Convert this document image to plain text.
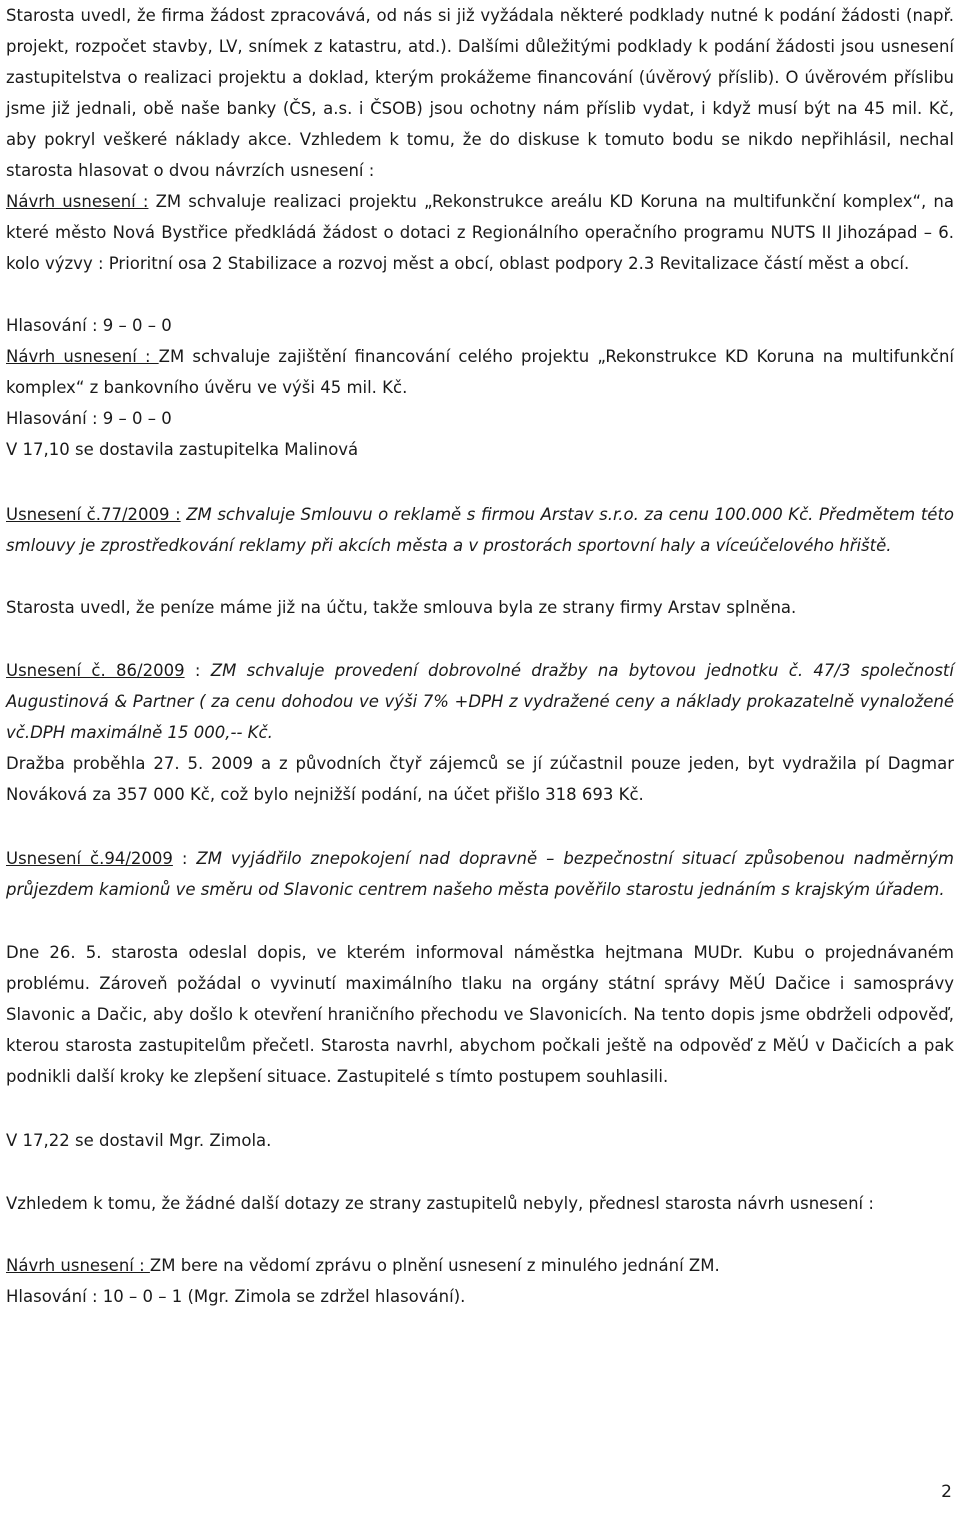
Starosta uvedl, že firma žádost zpracovává, od nás si již vyžádala některé podklady nutné k podání žádosti (např. projekt, rozpočet stavby, LV, snímek z katastru, atd.). Dalšími důležitými podklady k podání žádosti jsou usnesení zastupitelstva o realizaci projektu a doklad, kterým prokážeme financování (úvěrový příslib). O úvěrovém příslibu jsme již jednali, obě naše banky (ČS, a.s. i ČSOB) jsou ochotny nám příslib vydat, i když musí být na 45 mil. Kč, aby pokryl veškeré náklady akce. Vzhledem k tomu, že do diskuse k tomuto bodu se nikdo nepřihlásil, nechal starosta hlasovat o dvou návrzích usnesení :

Návrh usnesení : ZM schvaluje realizaci projektu „Rekonstrukce areálu KD Koruna na multifunkční komplex“, na které město Nová Bystřice předkládá žádost o dotaci z Regionálního operačního programu NUTS II Jihozápad – 6. kolo výzvy : Prioritní osa 2 Stabilizace a rozvoj měst a obcí, oblast podpory 2.3 Revitalizace částí měst a obcí.

Hlasování : 9 – 0 – 0

Návrh usnesení : ZM schvaluje zajištění financování celého projektu „Rekonstrukce KD Koruna na multifunkční komplex“ z bankovního úvěru ve výši 45 mil. Kč.

Hlasování : 9 – 0 – 0

V 17,10 se dostavila zastupitelka Malinová

Usnesení č.77/2009 : ZM schvaluje Smlouvu o reklamě s firmou Arstav s.r.o. za cenu 100.000 Kč. Předmětem této smlouvy je zprostředkování reklamy při akcích města a v prostorách sportovní haly a víceúčelového hřiště.

Starosta uvedl, že peníze máme již na účtu, takže smlouva byla ze strany firmy Arstav splněna.

Usnesení č. 86/2009 : ZM schvaluje provedení dobrovolné dražby na bytovou jednotku č. 47/3 společností Augustinová & Partner ( za cenu dohodou ve výši 7% +DPH z vydražené ceny a náklady prokazatelně vynaložené vč.DPH maximálně 15 000,-- Kč.

Dražba proběhla 27. 5. 2009 a z původních čtyř zájemců se jí zúčastnil pouze jeden, byt vydražila pí Dagmar Nováková za 357 000 Kč, což bylo nejnižší podání, na účet přišlo 318 693 Kč.

Usnesení č.94/2009 : ZM vyjádřilo znepokojení nad dopravně – bezpečnostní situací způsobenou nadměrným průjezdem kamionů ve směru od Slavonic centrem našeho města pověřilo starostu jednáním s krajským úřadem.

Dne 26. 5. starosta odeslal dopis, ve kterém informoval náměstka hejtmana MUDr. Kubu o projednávaném problému. Zároveň požádal o vyvinutí maximálního tlaku na orgány státní správy MěÚ Dačice i samosprávy Slavonic a Dačic, aby došlo k otevření hraničního přechodu ve Slavonicích. Na tento dopis jsme obdrželi odpověď, kterou starosta zastupitelům přečetl. Starosta navrhl, abychom počkali ještě na odpověď z MěÚ v Dačicích a pak podnikli další kroky ke zlepšení situace. Zastupitelé s tímto postupem souhlasili.

V 17,22 se dostavil Mgr. Zimola.

Vzhledem k tomu, že žádné další dotazy ze strany zastupitelů nebyly, přednesl starosta návrh usnesení :

Návrh usnesení : ZM bere na vědomí zprávu o plnění usnesení z minulého jednání ZM.

Hlasování : 10 – 0 – 1 (Mgr. Zimola se zdržel hlasování).

2
